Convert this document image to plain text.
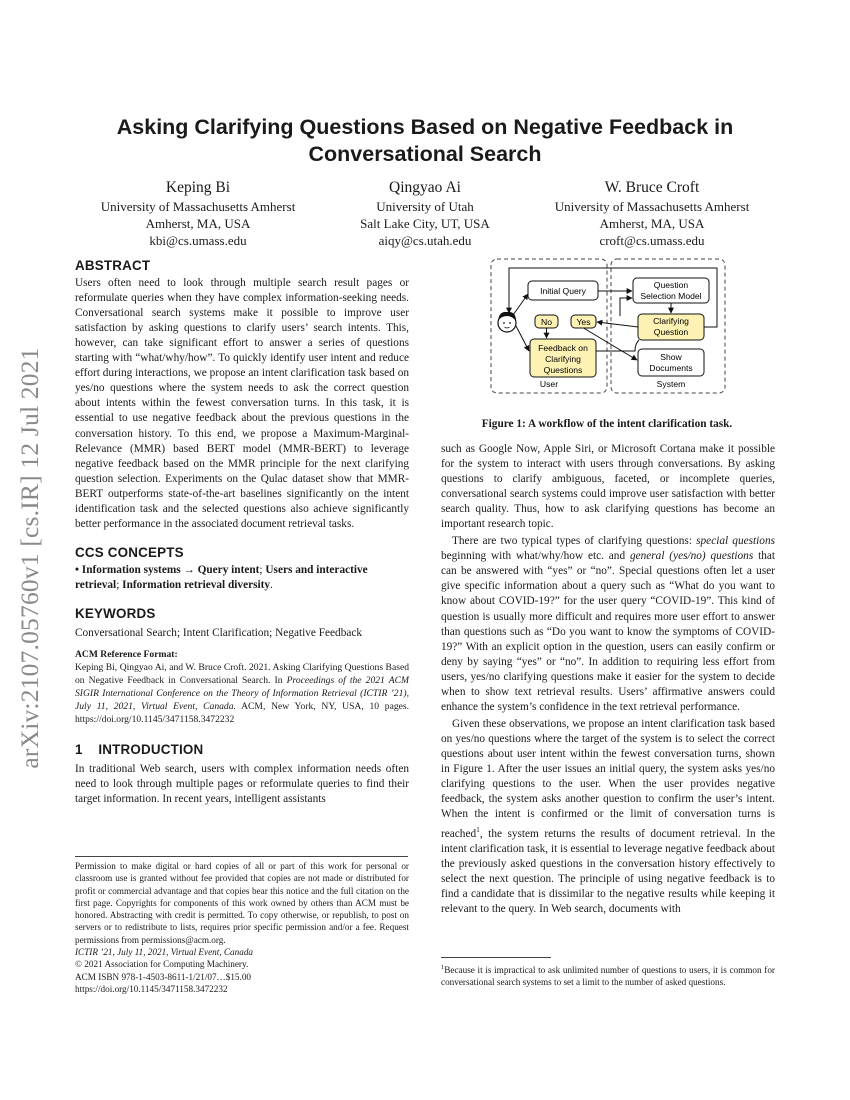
arXiv:2107.05760v1 [cs.IR] 12 Jul 2021
Asking Clarifying Questions Based on Negative Feedback in Conversational Search
Keping Bi
University of Massachusetts Amherst
Amherst, MA, USA
kbi@cs.umass.edu
Qingyao Ai
University of Utah
Salt Lake City, UT, USA
aiqy@cs.utah.edu
W. Bruce Croft
University of Massachusetts Amherst
Amherst, MA, USA
croft@cs.umass.edu
ABSTRACT

Users often need to look through multiple search result pages or reformulate queries when they have complex information-seeking needs. Conversational search systems make it possible to improve user satisfaction by asking questions to clarify users’ search intents. This, however, can take significant effort to answer a series of questions starting with “what/why/how”. To quickly identify user intent and reduce effort during interactions, we propose an intent clarification task based on yes/no questions where the system needs to ask the correct question about intents within the fewest conversation turns. In this task, it is essential to use negative feedback about the previous questions in the conversation history. To this end, we propose a Maximum-Marginal-Relevance (MMR) based BERT model (MMR-BERT) to leverage negative feedback based on the MMR principle for the next clarifying question selection. Experiments on the Qulac dataset show that MMR-BERT outperforms state-of-the-art baselines significantly on the intent identification task and the selected questions also achieve significantly better performance in the associated document retrieval tasks.

CCS CONCEPTS

• Information systems → Query intent; Users and interactive retrieval; Information retrieval diversity.

KEYWORDS

Conversational Search; Intent Clarification; Negative Feedback

ACM Reference Format:

Keping Bi, Qingyao Ai, and W. Bruce Croft. 2021. Asking Clarifying Questions Based on Negative Feedback in Conversational Search. In Proceedings of the 2021 ACM SIGIR International Conference on the Theory of Information Retrieval (ICTIR ’21), July 11, 2021, Virtual Event, Canada. ACM, New York, NY, USA, 10 pages. https://doi.org/10.1145/3471158.3472232

1 INTRODUCTION

In traditional Web search, users with complex information needs often need to look through multiple pages or reformulate queries to find their target information. In recent years, intelligent assistants

Permission to make digital or hard copies of all or part of this work for personal or classroom use is granted without fee provided that copies are not made or distributed for profit or commercial advantage and that copies bear this notice and the full citation on the first page. Copyrights for components of this work owned by others than ACM must be honored. Abstracting with credit is permitted. To copy otherwise, or republish, to post on servers or to redistribute to lists, requires prior specific permission and/or a fee. Request permissions from permissions@acm.org.

ICTIR ’21, July 11, 2021, Virtual Event, Canada

© 2021 Association for Computing Machinery.

ACM ISBN 978-1-4503-8611-1/21/07…$15.00

https://doi.org/10.1145/3471158.3472232

Initial Query
Question
Selection Model
Clarifying
Question
No	Yes
Feedback on
Clarifying
Questions
Show
Documents
User	System
Figure 1: A workflow of the intent clarification task.

such as Google Now, Apple Siri, or Microsoft Cortana make it possible for the system to interact with users through conversations. By asking questions to clarify ambiguous, faceted, or incomplete queries, conversational search systems could improve user satisfaction with better search quality. Thus, how to ask clarifying questions has become an important research topic.

There are two typical types of clarifying questions: special questions beginning with what/why/how etc. and general (yes/no) questions that can be answered with “yes” or “no”. Special questions often let a user give specific information about a query such as “What do you want to know about COVID-19?” for the user query “COVID-19”. This kind of question is usually more difficult and requires more user effort to answer than questions such as “Do you want to know the symptoms of COVID-19?” With an explicit option in the question, users can easily confirm or deny by saying “yes” or “no”. In addition to requiring less effort from users, yes/no clarifying questions make it easier for the system to decide when to show text retrieval results. Users’ affirmative answers could enhance the system’s confidence in the text retrieval performance.

Given these observations, we propose an intent clarification task based on yes/no questions where the target of the system is to select the correct questions about user intent within the fewest conversation turns, shown in Figure 1. After the user issues an initial query, the system asks yes/no clarifying questions to the user. When the user provides negative feedback, the system asks another question to confirm the user’s intent. When the intent is confirmed or the limit of conversation turns is reached$^1$, the system returns the results of document retrieval. In the intent clarification task, it is essential to leverage negative feedback about the previously asked questions in the conversation history effectively to select the next question. The principle of using negative feedback is to find a candidate that is dissimilar to the negative results while keeping it relevant to the query. In Web search, documents with

$^1$Because it is impractical to ask unlimited number of questions to users, it is common for conversational search systems to set a limit to the number of asked questions.
